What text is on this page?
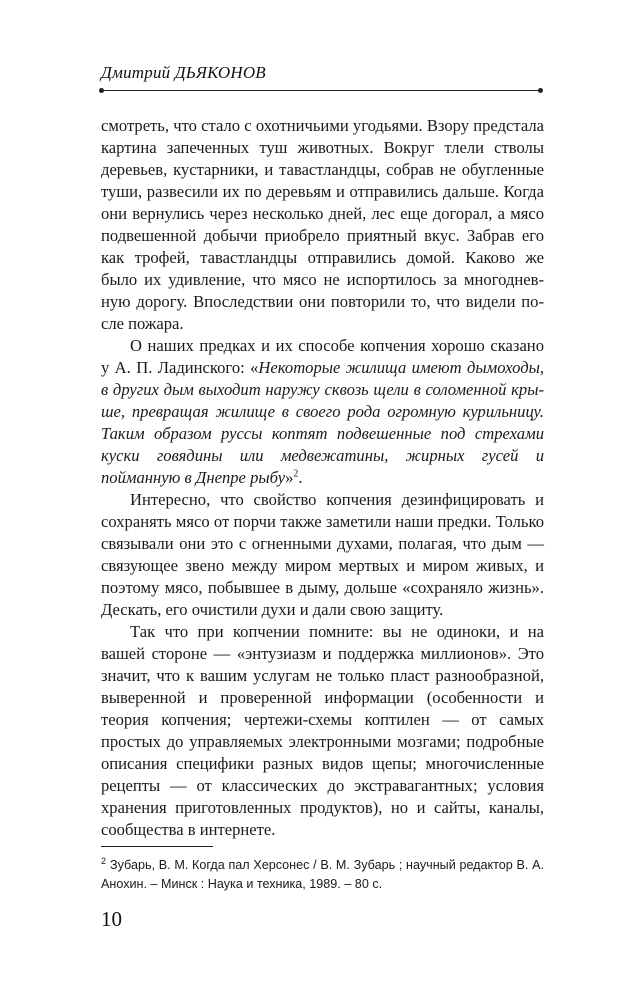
Дмитрий ДЬЯКОНОВ

смотреть, что стало с охотничьими угодьями. Взору предстала картина запеченных туш животных. Вокруг тлели стволы деревьев, кустарники, и тавастландцы, собрав не обугленные туши, развесили их по деревьям и отправились дальше. Когда они вернулись через несколько дней, лес еще догорал, а мясо подвешенной добычи приобрело приятный вкус. Забрав его как трофей, тавастландцы отправились домой. Каково же было их удивление, что мясо не испортилось за многодневную дорогу. Впоследствии они повторили то, что видели после пожара.

О наших предках и их способе копчения хорошо сказано у А. П. Ладинского: «Некоторые жилища имеют дымоходы, в других дым выходит наружу сквозь щели в соломенной крыше, превращая жилище в своего рода огромную курильницу. Таким образом руссы коптят подвешенные под стрехами куски говядины или медвежатины, жирных гусей и пойманную в Днепре рыбу»$^2$.

Интересно, что свойство копчения дезинфицировать и сохранять мясо от порчи также заметили наши предки. Только связывали они это с огненными духами, полагая, что дым — связующее звено между миром мертвых и миром живых, и поэтому мясо, побывшее в дыму, дольше «сохраняло жизнь». Дескать, его очистили духи и дали свою защиту.

Так что при копчении помните: вы не одиноки, и на вашей стороне — «энтузиазм и поддержка миллионов». Это значит, что к вашим услугам не только пласт разнообразной, выверенной и проверенной информации (особенности и теория копчения; чертежи-схемы коптилен — от самых простых до управляемых электронными мозгами; подробные описания специфики разных видов щепы; многочисленные рецепты — от классических до экстравагантных; условия хранения приготовленных продуктов), но и сайты, каналы, сообщества в интернете.

$^2$ Зубарь, В. М. Когда пал Херсонес / В. М. Зубарь ; научный редактор В. А. Анохин. – Минск : Наука и техника, 1989. – 80 с.
10
